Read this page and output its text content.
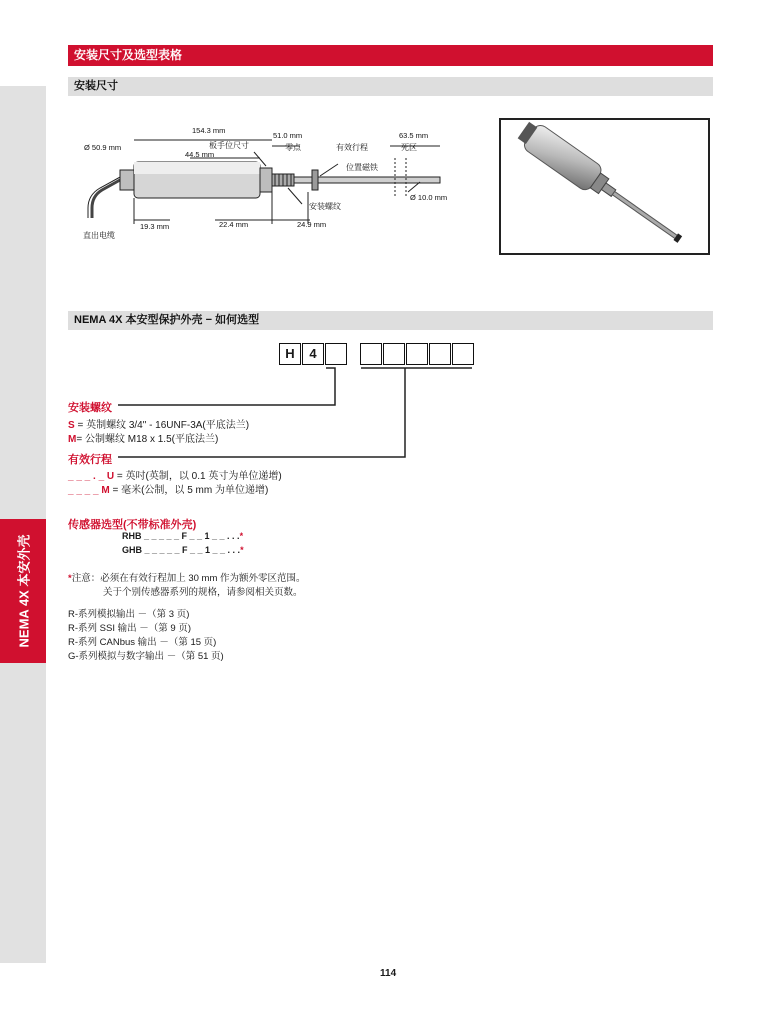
NEMA 4X 本安外壳
安装尺寸及选型表格
安装尺寸
Ø 50.9 mm
154.3 mm
44.5 mm
51.0 mm	63.5 mm
板手位尺寸	零点	有效行程	死区
位置磁铁
Ø 10.0 mm
安装螺纹
19.3 mm	22.4 mm	24.9 mm
直出电缆
NEMA 4X 本安型保护外壳 − 如何选型
H	4
安装螺纹
S = 英制螺纹 3/4" - 16UNF-3A(平底法兰)
M= 公制螺纹 M18 x 1.5(平底法兰)
有效行程
_ _ _ . _ U = 英吋(英制，以 0.1 英寸为单位递增)
_ _ _ _ M = 毫米(公制，以 5 mm 为单位递增)
传感器选型(不带标准外壳)
RHB _ _ _ _ _ F _ _ 1 _ _ . . .*
GHB _ _ _ _ _ F _ _ 1 _ _ . . .*
*注意：必须在有效行程加上 30 mm 作为额外零区范围。
关于个别传感器系列的规格，请参阅相关页数。
R-系列模拟输出 －（第 3 页)
R-系列 SSI 输出 －（第 9 页)
R-系列 CANbus 输出 －（第 15 页)
G-系列模拟与数字输出 －（第 51 页)
114
